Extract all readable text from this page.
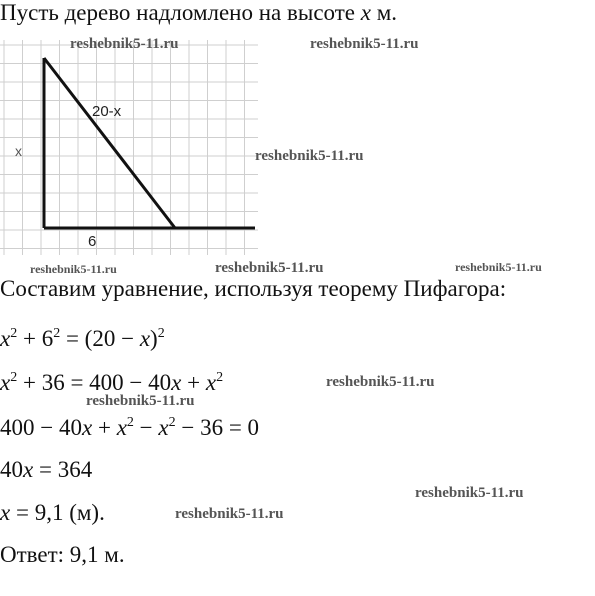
Пусть дерево надломлено на высоте x м.
20-x
x
6
Составим уравнение, используя теорему Пифагора:
$x^2 + 6^2 = (20 - x)^2$
$x^2 + 36 = 400 - 40x + x^2$
$400 - 40x + x^2 - x^2 - 36 = 0$
40x = 364
x = 9,1 (м).
Ответ: 9,1 м.
reshebnik5-11.ru	reshebnik5-11.ru
reshebnik5-11.ru
reshebnik5-11.ru	reshebnik5-11.ru	reshebnik5-11.ru
reshebnik5-11.ru
reshebnik5-11.ru
reshebnik5-11.ru
reshebnik5-11.ru
